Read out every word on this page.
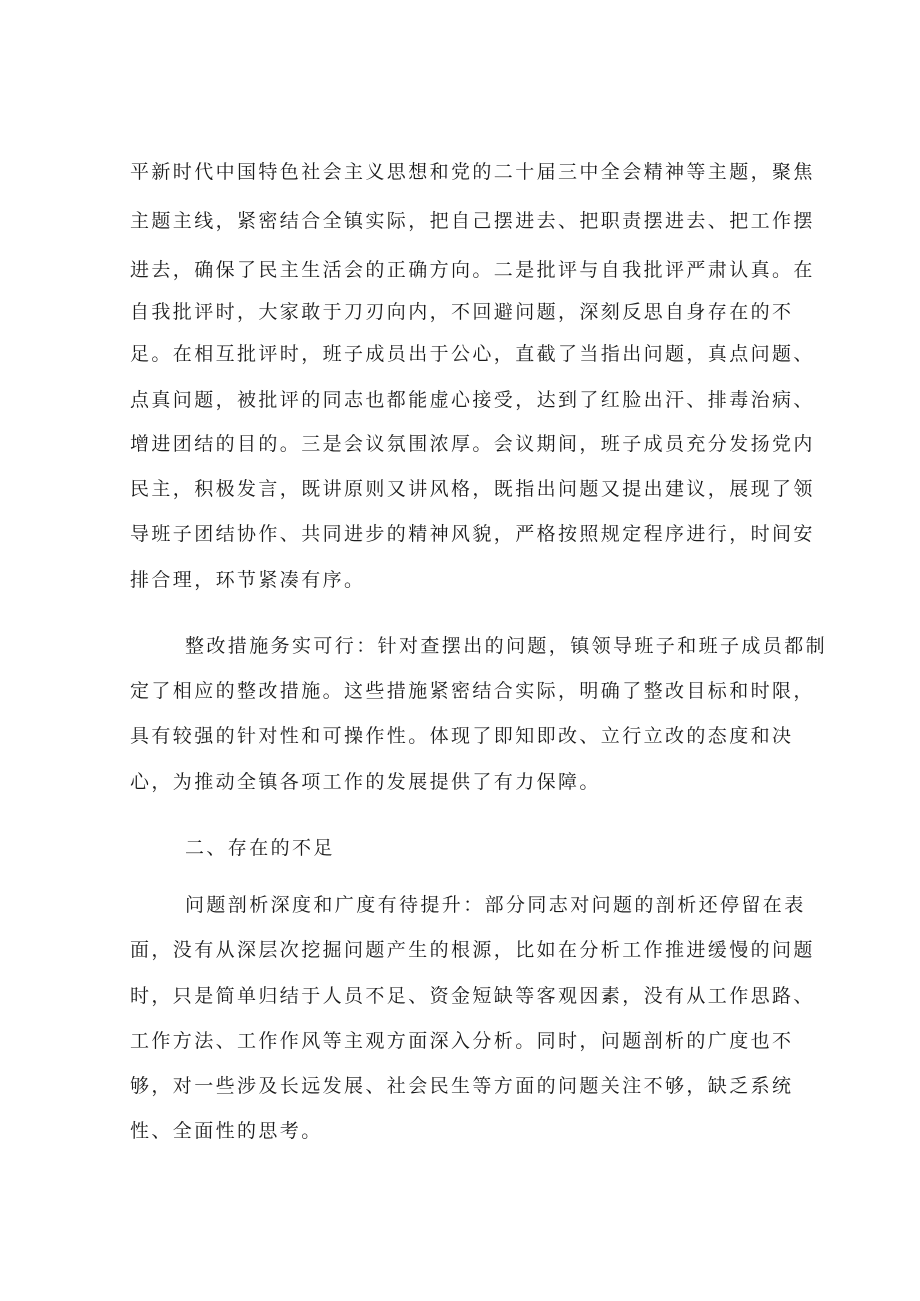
平新时代中国特色社会主义思想和党的二十届三中全会精神等主题，聚焦
主题主线，紧密结合全镇实际，把自己摆进去、把职责摆进去、把工作摆
进去，确保了民主生活会的正确方向。二是批评与自我批评严肃认真。在
自我批评时，大家敢于刀刃向内，不回避问题，深刻反思自身存在的不
足。在相互批评时，班子成员出于公心，直截了当指出问题，真点问题、
点真问题，被批评的同志也都能虚心接受，达到了红脸出汗、排毒治病、
增进团结的目的。三是会议氛围浓厚。会议期间，班子成员充分发扬党内
民主，积极发言，既讲原则又讲风格，既指出问题又提出建议，展现了领
导班子团结协作、共同进步的精神风貌，严格按照规定程序进行，时间安
排合理，环节紧凑有序。
整改措施务实可行：针对查摆出的问题，镇领导班子和班子成员都制
定了相应的整改措施。这些措施紧密结合实际，明确了整改目标和时限，
具有较强的针对性和可操作性。体现了即知即改、立行立改的态度和决
心，为推动全镇各项工作的发展提供了有力保障。
二、存在的不足
问题剖析深度和广度有待提升：部分同志对问题的剖析还停留在表
面，没有从深层次挖掘问题产生的根源，比如在分析工作推进缓慢的问题
时，只是简单归结于人员不足、资金短缺等客观因素，没有从工作思路、
工作方法、工作作风等主观方面深入分析。同时，问题剖析的广度也不
够，对一些涉及长远发展、社会民生等方面的问题关注不够，缺乏系统
性、全面性的思考。
